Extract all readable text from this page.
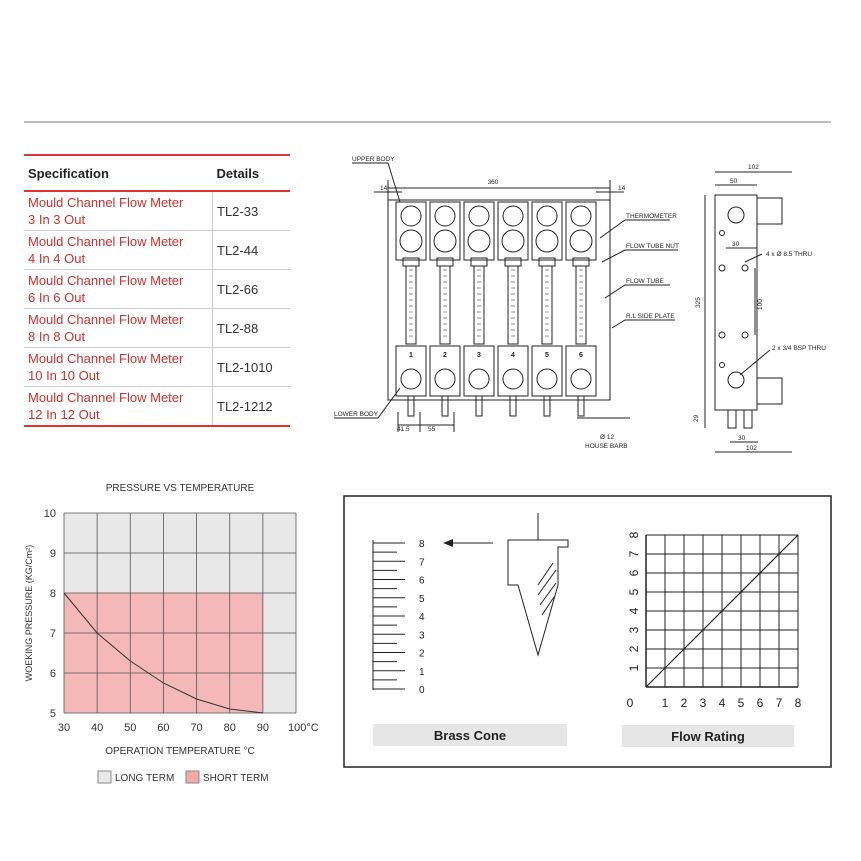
Specification	Details
Mould Channel Flow Meter
3 In 3 Out	TL2-33
Mould Channel Flow Meter
4 In 4 Out	TL2-44
Mould Channel Flow Meter
6 In 6 Out	TL2-66
Mould Channel Flow Meter
8 In 8 Out	TL2-88
Mould Channel Flow Meter
10 In 10 Out	TL2-1010
Mould Channel Flow Meter
12 In 12 Out	TL2-1212
1	2	3	4	5	6
UPPER BODY
360
14	14
THERMOMETER
FLOW TUBE NUT
FLOW TUBE
R.L SIDE PLATE
LOWER BODY
41.5	55
Ø 12
HOUSE BARB
102
50
30
325	100
4 x Ø 8.5 THRU
2 x 3/4 BSP THRU
29
30
102
PRESSURE VS TEMPERATURE
30 40 50 60 70 80 90 100°C
5
6
7
8
9
10
OPERATION TEMPERATURE °C
WOEKING PRESSURE (KG/Cm²)
LONG TERM	SHORT TERM
8
7
6
5
4
3
2
1
0
Brass Cone
0 1 2 3 4 5 6 7 8
1
2
3
4
5
6
7
8
Flow Rating
